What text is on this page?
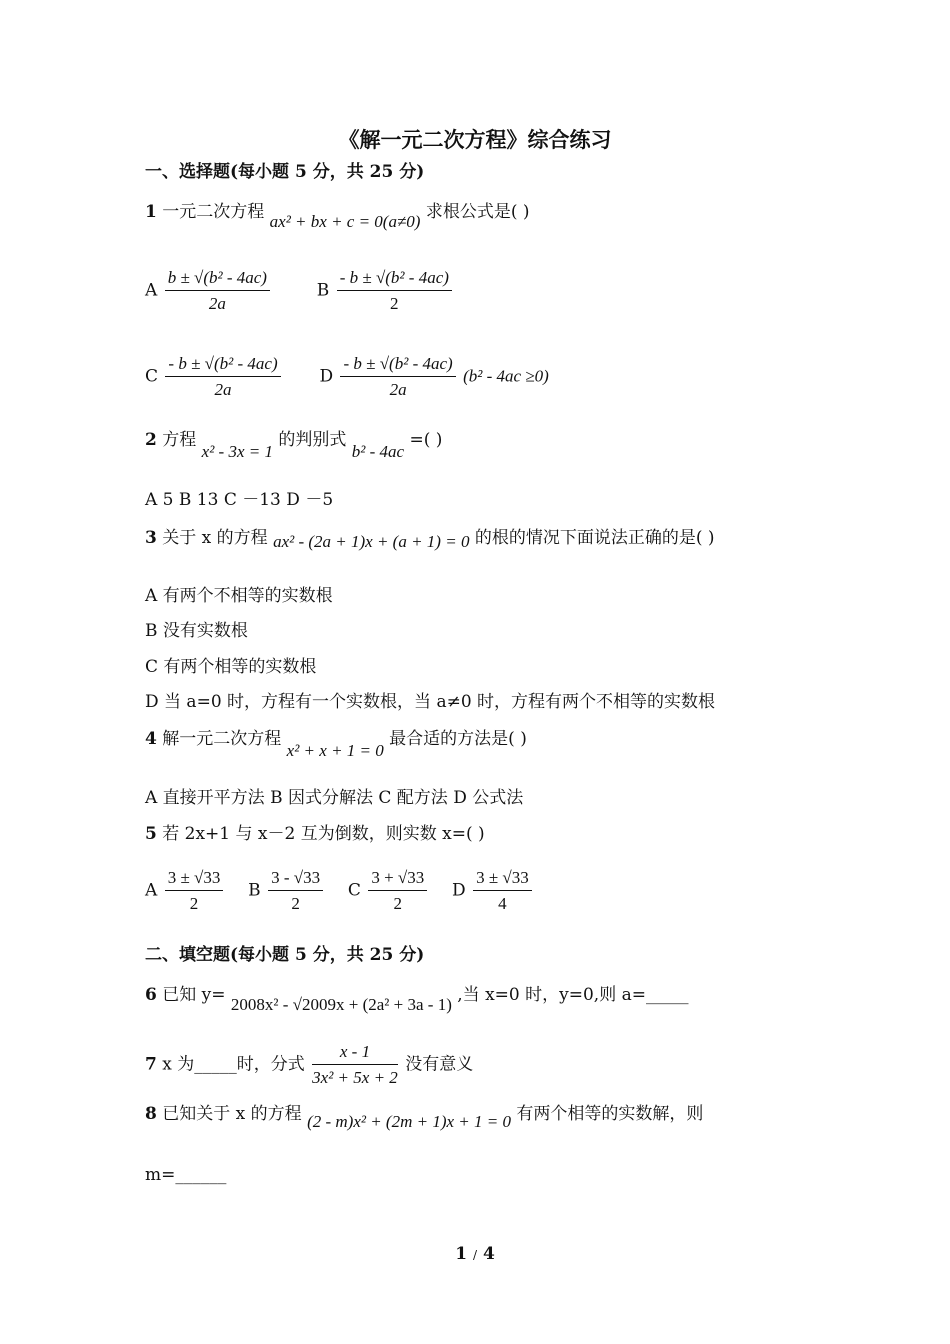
《解一元二次方程》综合练习
一、选择题(每小题 5 分，共 25 分)
1 一元二次方程 ax² + bx + c = 0(a≠0) 求根公式是( )
A $\frac{\text{b ± √(b² - 4ac)}}{2a}$	B $\frac{\text{- b ± √(b² - 4ac)}}{2}$
C $\frac{\text{- b ± √(b² - 4ac)}}{2a}$ D $\frac{\text{- b ± √(b² - 4ac)}}{2a} (b^2 - 4ac \ge 0)$
2 方程 x² - 3x = 1 的判别式 b² - 4ac =( )
A 5 B 13 C －13 D －5
3 关于 x 的方程 ax² - (2a + 1)x + (a + 1) = 0 的根的情况下面说法正确的是( )
A 有两个不相等的实数根
B 没有实数根
C 有两个相等的实数根
D 当 a=0 时，方程有一个实数根，当 a≠0 时，方程有两个不相等的实数根
4 解一元二次方程 x² + x + 1 = 0 最合适的方法是( )
A 直接开平方法 B 因式分解法 C 配方法 D 公式法
5 若 2x+1 与 x－2 互为倒数，则实数 x=( )
A $\frac{3 \pm √33}{2}$ B $\frac{3 - √33}{2}$ C $\frac{3 + √33}{2}$ D $\frac{3 \pm √33}{4}$
二、填空题(每小题 5 分，共 25 分)
6 已知 y= 2008x² - √2009x + (2a² + 3a - 1) ,当 x=0 时，y=0,则 a=_____
7 x 为_____时，分式 $\frac{x - 1}{\text{3x² + 5x + 2}}$ 没有意义
8 已知关于 x 的方程 (2 - m)x² + (2m + 1)x + 1 = 0 有两个相等的实数解，则
m=______
1 / 4
